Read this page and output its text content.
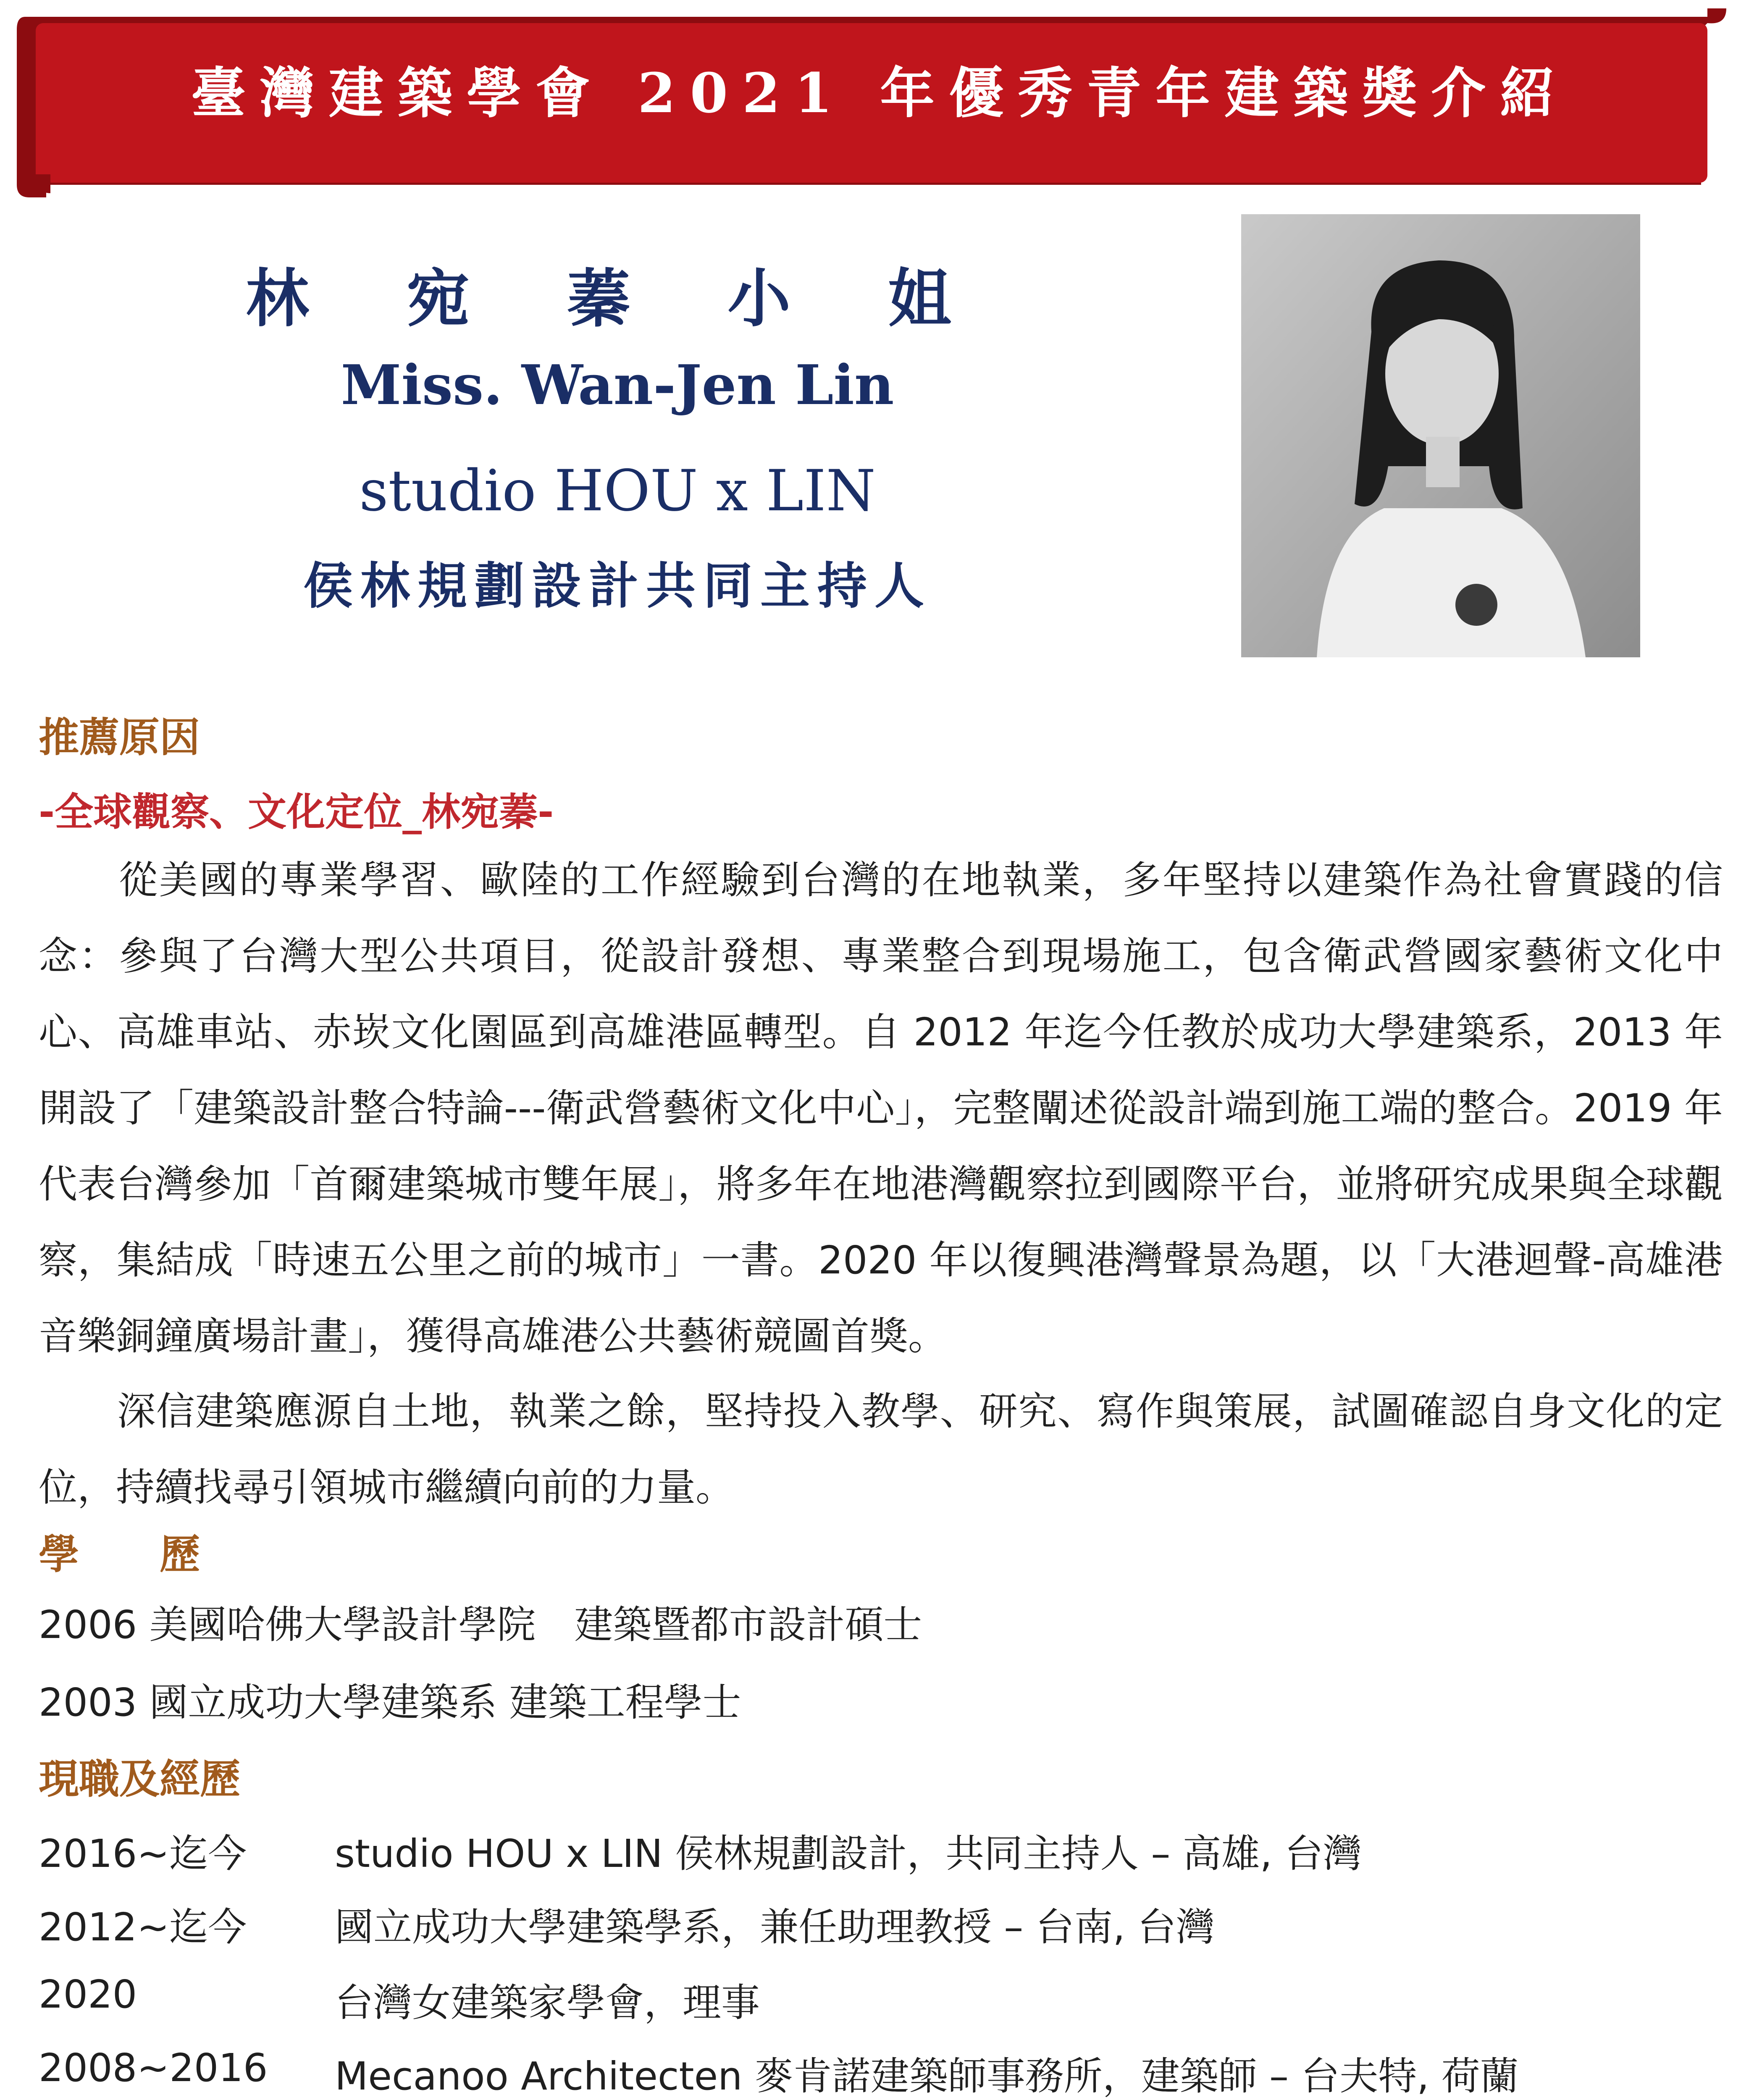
臺灣建築學會 2021 年優秀青年建築獎介紹
林 宛 蓁 小 姐
Miss. Wan-Jen Lin
studio HOU x LIN
侯林規劃設計共同主持人
推薦原因
-全球觀察、文化定位_林宛蓁-
　　從美國的專業學習、歐陸的工作經驗到台灣的在地執業，多年堅持以建築作為社會實踐的信念：參與了台灣大型公共項目，從設計發想、專業整合到現場施工，包含衛武營國家藝術文化中心、高雄車站、赤崁文化園區到高雄港區轉型。自 2012 年迄今任教於成功大學建築系，2013 年開設了「建築設計整合特論---衛武營藝術文化中心」，完整闡述從設計端到施工端的整合。2019 年代表台灣參加「首爾建築城市雙年展」，將多年在地港灣觀察拉到國際平台，並將研究成果與全球觀察，集結成「時速五公里之前的城市」一書。2020 年以復興港灣聲景為題，以「大港迴聲-高雄港音樂銅鐘廣場計畫」，獲得高雄港公共藝術競圖首獎。
　　深信建築應源自土地，執業之餘，堅持投入教學、研究、寫作與策展，試圖確認自身文化的定位，持續找尋引領城市繼續向前的力量。
學　　歷
2006 美國哈佛大學設計學院　建築暨都市設計碩士
2003 國立成功大學建築系 建築工程學士
現職及經歷
2016~迄今 studio HOU x LIN 侯林規劃設計，共同主持人 – 高雄, 台灣
2012~迄今 國立成功大學建築學系，兼任助理教授 – 台南, 台灣
2020	台灣女建築家學會，理事
2008~2016 Mecanoo Architecten 麥肯諾建築師事務所，建築師 – 台夫特, 荷蘭
